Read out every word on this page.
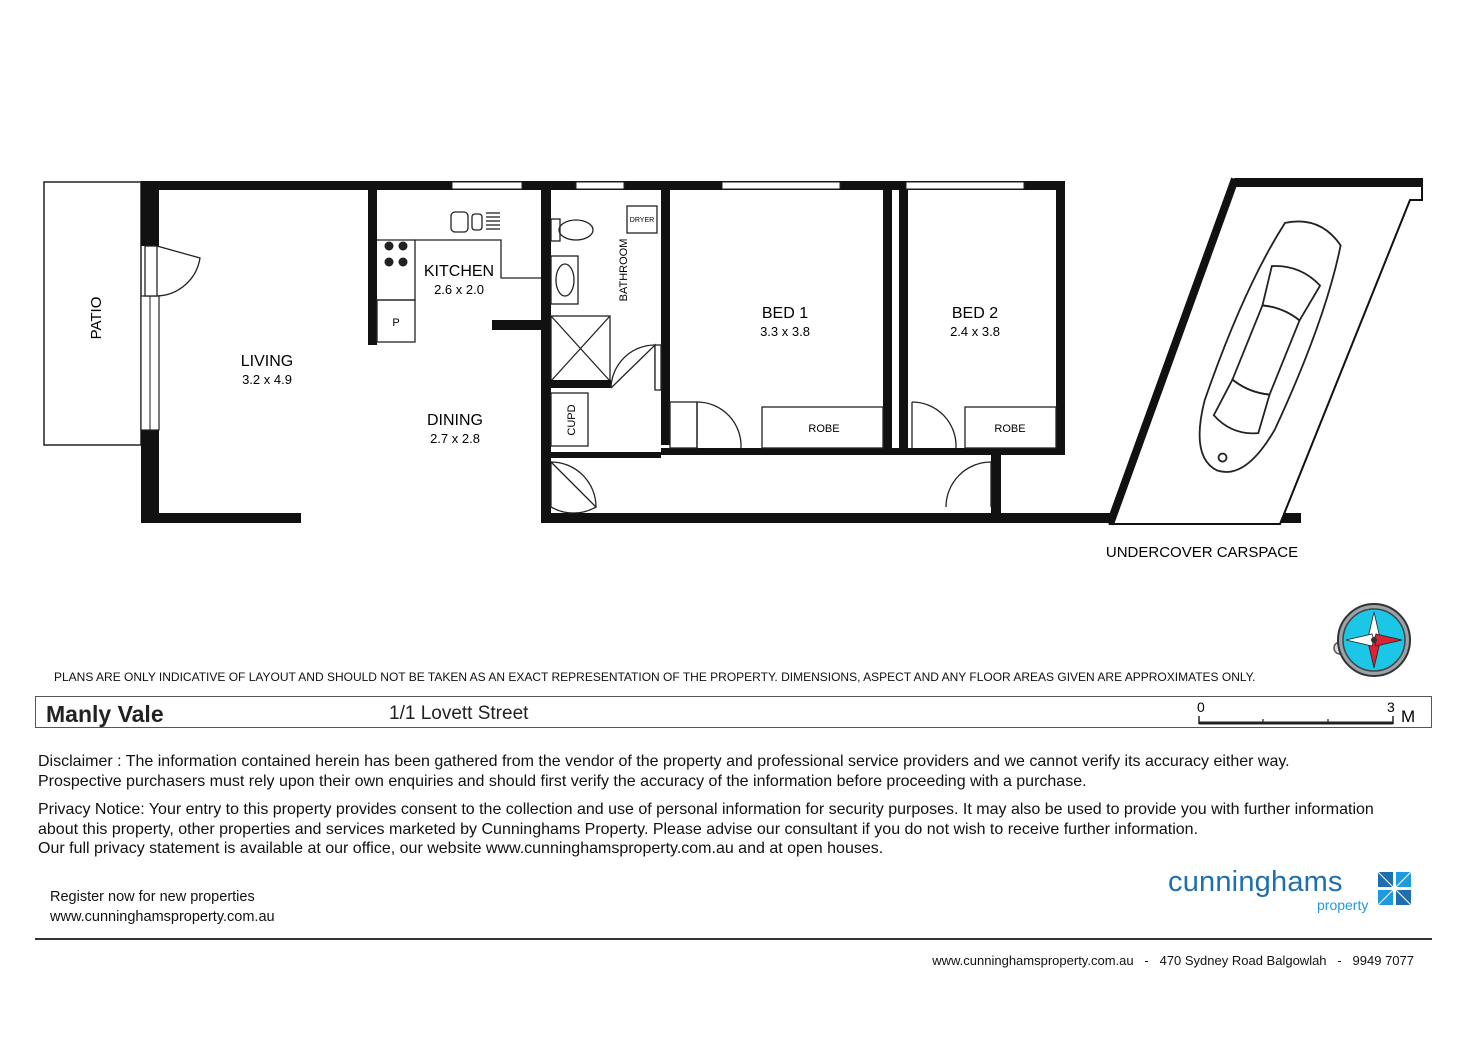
PATIO	P
KITCHEN
2.6 x 2.0
LIVING
3.2 x 4.9
DINING
2.7 x 2.8
DRYER
BATHROOM
CUPD
BED 1
3.3 x 3.8
ROBE
BED 2
2.4 x 3.8
ROBE
UNDERCOVER CARSPACE
PLANS ARE ONLY INDICATIVE OF LAYOUT AND SHOULD NOT BE TAKEN AS AN EXACT REPRESENTATION OF THE PROPERTY. DIMENSIONS, ASPECT AND ANY FLOOR AREAS GIVEN ARE APPROXIMATES ONLY.
Manly Vale	1/1 Lovett Street	0	3 M

Disclaimer : The information contained herein has been gathered from the vendor of the property and professional service providers and we cannot verify its accuracy either way.
Prospective purchasers must rely upon their own enquiries and should first verify the accuracy of the information before proceeding with a purchase.

Privacy Notice: Your entry to this property provides consent to the collection and use of personal information for security purposes. It may also be used to provide you with further information
about this property, other properties and services marketed by Cunninghams Property. Please advise our consultant if you do not wish to receive further information.
Our full privacy statement is available at our office, our website www.cunninghamsproperty.com.au and at open houses.

Register now for new properties
www.cunninghamsproperty.com.au
cunninghams
property
www.cunninghamsproperty.com.au   -   470 Sydney Road Balgowlah   -   9949 7077
